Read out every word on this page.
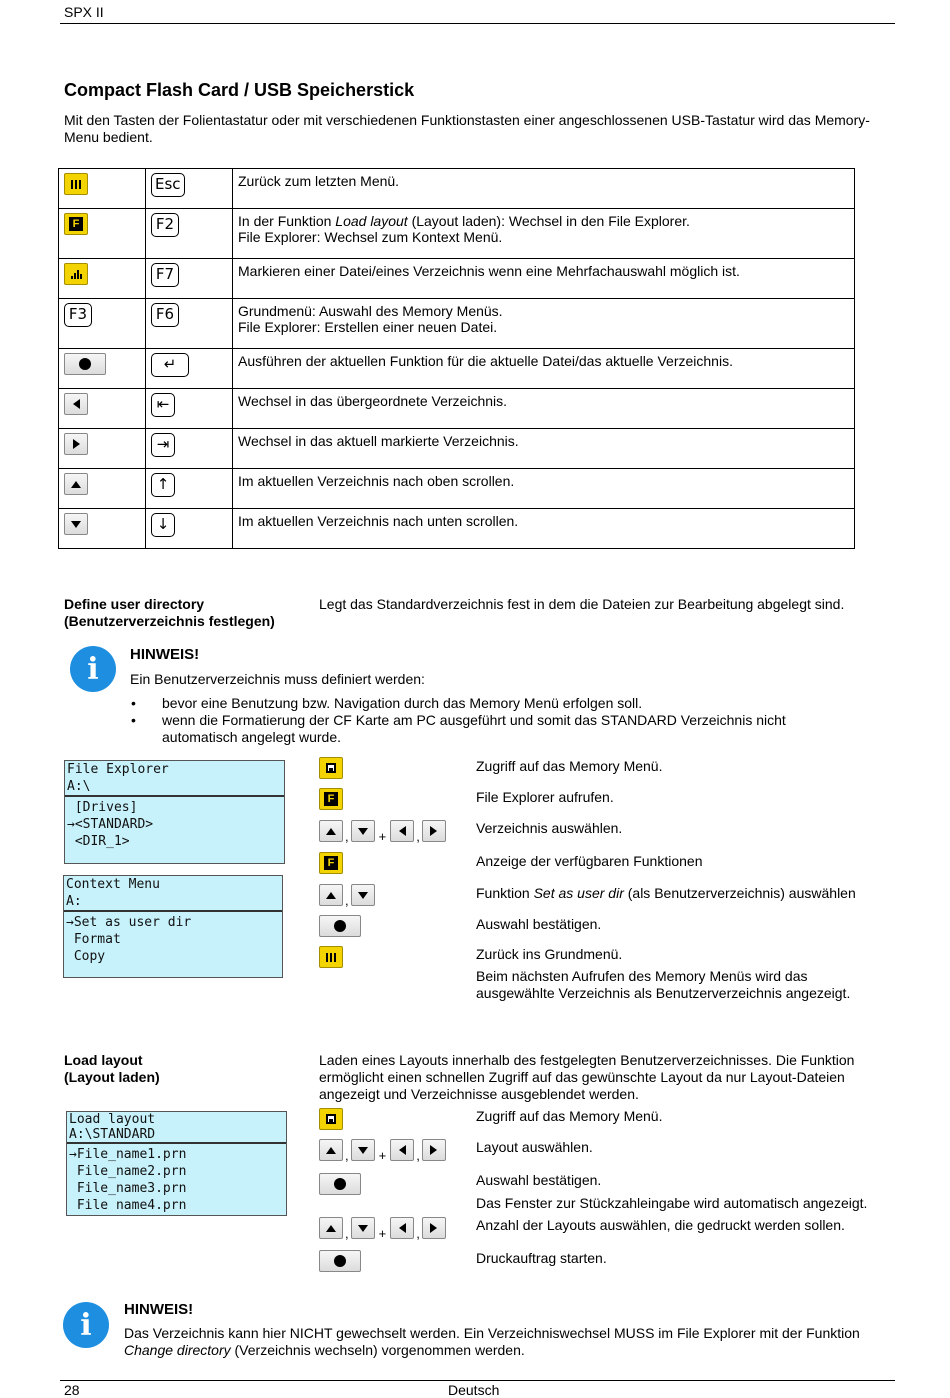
SPX II
Compact Flash Card / USB Speicherstick

Mit den Tasten der Folientastatur oder mit verschiedenen Funktionstasten einer angeschlossenen USB-Tastatur wird das Memory-Menu bedient.

	Esc	Zurück zum letzten Menü.

F	F2	In der Funktion Load layout (Layout laden): Wechsel in den File Explorer.
File Explorer: Wechsel zum Kontext Menü.

	F7	Markieren einer Datei/eines Verzeichnis wenn eine Mehrfachauswahl möglich ist.
F3	F6	Grundmenü: Auswahl des Memory Menüs.
File Explorer: Erstellen einer neuen Datei.

	↵	Ausführen der aktuellen Funktion für die aktuelle Datei/das aktuelle Verzeichnis.

	⇤	Wechsel in das übergeordnete Verzeichnis.

	⇥	Wechsel in das aktuell markierte Verzeichnis.

	↑	Im aktuellen Verzeichnis nach oben scrollen.

	↓	Im aktuellen Verzeichnis nach unten scrollen.
Define user directory
(Benutzerverzeichnis festlegen)
Legt das Standardverzeichnis fest in dem die Dateien zur Bearbeitung abgelegt sind.
i	HINWEIS!
Ein Benutzerverzeichnis muss definiert werden:
• bevor eine Benutzung bzw. Navigation durch das Memory Menü erfolgen soll.
• wenn die Formatierung der CF Karte am PC ausgeführt und somit das STANDARD Verzeichnis nicht automatisch angelegt wurde.
File Explorer
A:\
[Drives]
→<STANDARD>
<DIR_1>
Context Menu
A:
→Set as user dir
Format
Copy
F
, + ,
F
,
Zugriff auf das Memory Menü.
File Explorer aufrufen.
Verzeichnis auswählen.
Anzeige der verfügbaren Funktionen
Funktion Set as user dir (als Benutzerverzeichnis) auswählen
Auswahl bestätigen.
Zurück ins Grundmenü.
Beim nächsten Aufrufen des Memory Menüs wird das ausgewählte Verzeichnis als Benutzerverzeichnis angezeigt.
Load layout
(Layout laden)
Laden eines Layouts innerhalb des festgelegten Benutzerverzeichnisses. Die Funktion ermöglicht einen schnellen Zugriff auf das gewünschte Layout da nur Layout-Dateien angezeigt und Verzeichnisse ausgeblendet werden.
Load layout
A:\STANDARD
→File_name1.prn
File_name2.prn
File_name3.prn
File name4.prn
, + ,
, + ,
Zugriff auf das Memory Menü.
Layout auswählen.
Auswahl bestätigen.
Das Fenster zur Stückzahleingabe wird automatisch angezeigt.
Anzahl der Layouts auswählen, die gedruckt werden sollen.
Druckauftrag starten.
i	HINWEIS!
Das Verzeichnis kann hier NICHT gewechselt werden. Ein Verzeichniswechsel MUSS im File Explorer mit der Funktion Change directory (Verzeichnis wechseln) vorgenommen werden.
28	Deutsch
